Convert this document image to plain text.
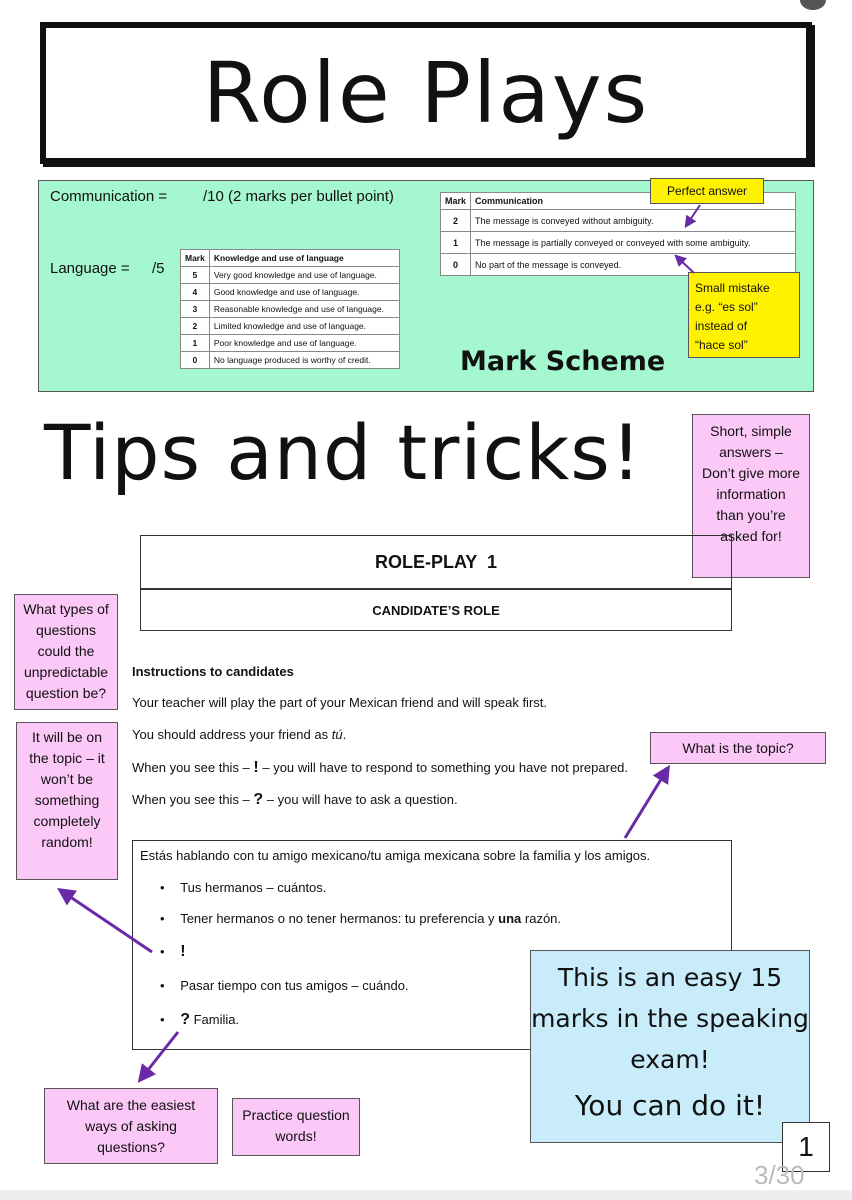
Role Plays
Communication = /10 (2 marks per bullet point)
Language = /5
Mark	Communication
2	The message is conveyed without ambiguity.
1	The message is partially conveyed or conveyed with some ambiguity.
0	No part of the message is conveyed.
Mark	Knowledge and use of language
5	Very good knowledge and use of language.
4	Good knowledge and use of language.
3	Reasonable knowledge and use of language.
2	Limited knowledge and use of language.
1	Poor knowledge and use of language.
0	No language produced is worthy of credit.
Perfect answer
Small mistake
e.g. “es sol”
instead of
“hace sol”
Mark Scheme
Tips and tricks!	Short, simple answers – Don’t give more information than you’re asked for!
ROLE-PLAY  1
CANDIDATE’S ROLE
What types of questions could the unpredictable question be?
Instructions to candidates
Your teacher will play the part of your Mexican friend and will speak first.
You should address your friend as tú.
When you see this – ! – you will have to respond to something you have not prepared.
When you see this – ? – you will have to ask a question.
It will be on the topic – it won’t be something completely random!
What is the topic?
Estás hablando con tu amigo mexicano/tu amiga mexicana sobre la familia y los amigos.
• Tus hermanos – cuántos.
• Tener hermanos o no tener hermanos: tu preferencia y una razón.
• !
• Pasar tiempo con tus amigos – cuándo.
• ? Familia.
This is an easy 15
marks in the speaking
exam!
You can do it!
What are the easiest ways of asking questions?
Practice question words!	1
3/30
